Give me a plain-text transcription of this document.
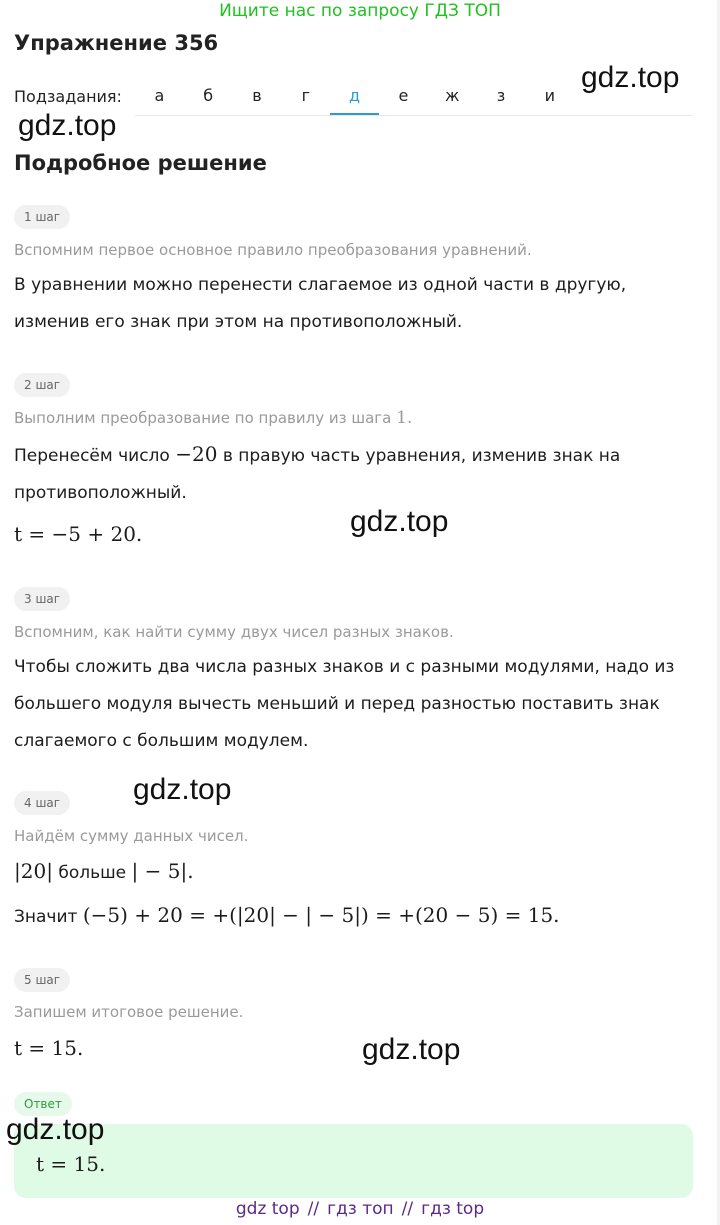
Ищите нас по запросу ГДЗ ТОП
Упражнение 356
Подзадания:	а	б	в	г	д	е	ж	з	и
gdz.top
gdz.top
Подробное решение
1 шаг
Вспомним первое основное правило преобразования уравнений.
В уравнении можно перенести слагаемое из одной части в другую, изменив его знак при этом на противоположный.
2 шаг
Выполним преобразование по правилу из шага 1.
Перенесём число −20 в правую часть уравнения, изменив знак на противоположный.
t = −5 + 20.	gdz.top
3 шаг
Вспомним, как найти сумму двух чисел разных знаков.
Чтобы сложить два числа разных знаков и с разными модулями, надо из большего модуля вычесть меньший и перед разностью поставить знак слагаемого с большим модулем.
gdz.top
4 шаг
Найдём сумму данных чисел.
|20| больше | − 5|.
Значит (−5) + 20 = +(|20| − | − 5|) = +(20 − 5) = 15.
5 шаг
Запишем итоговое решение.
t = 15.	gdz.top
Ответ
t = 15.
gdz.top
gdz top // гдз топ // гдз top
